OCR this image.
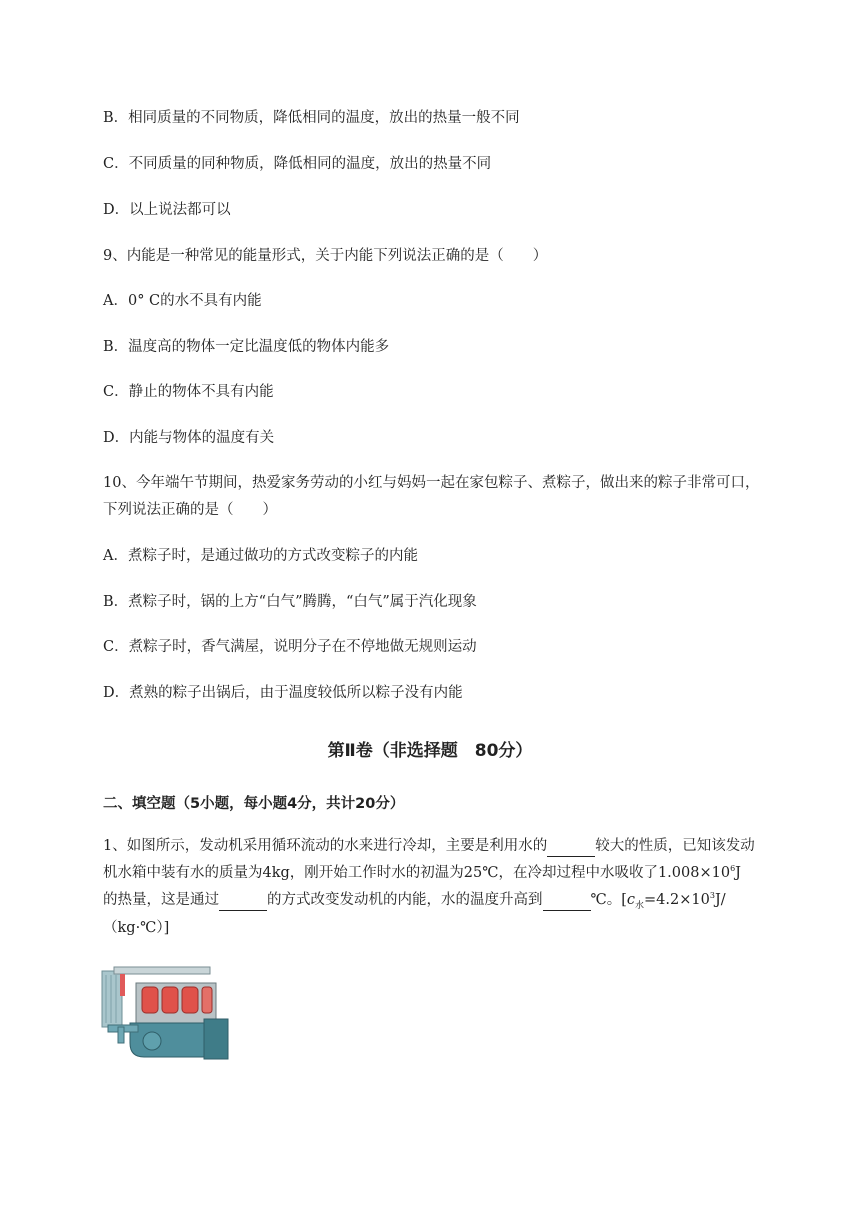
B．相同质量的不同物质，降低相同的温度，放出的热量一般不同
C．不同质量的同种物质，降低相同的温度，放出的热量不同
D．以上说法都可以
9、内能是一种常见的能量形式，关于内能下列说法正确的是（　　）
A．0° C的水不具有内能
B．温度高的物体一定比温度低的物体内能多
C．静止的物体不具有内能
D．内能与物体的温度有关
10、今年端午节期间，热爱家务劳动的小红与妈妈一起在家包粽子、煮粽子，做出来的粽子非常可口，
下列说法正确的是（　　）
A．煮粽子时，是通过做功的方式改变粽子的内能
B．煮粽子时，锅的上方“白气”腾腾，“白气”属于汽化现象
C．煮粽子时，香气满屋，说明分子在不停地做无规则运动
D．煮熟的粽子出锅后，由于温度较低所以粽子没有内能
第Ⅱ卷（非选择题　80分）
二、填空题（5小题，每小题4分，共计20分）
1、如图所示，发动机采用循环流动的水来进行冷却，主要是利用水的	较大的性质，已知该发动
机水箱中装有水的质量为4kg，刚开始工作时水的初温为25℃，在冷却过程中水吸收了$1.008\times 10^6J$
的热量，这是通过	的方式改变发动机的内能，水的温度升高到	℃。[$c_水=4.2\times 10^3J/$
（kg·℃）]
